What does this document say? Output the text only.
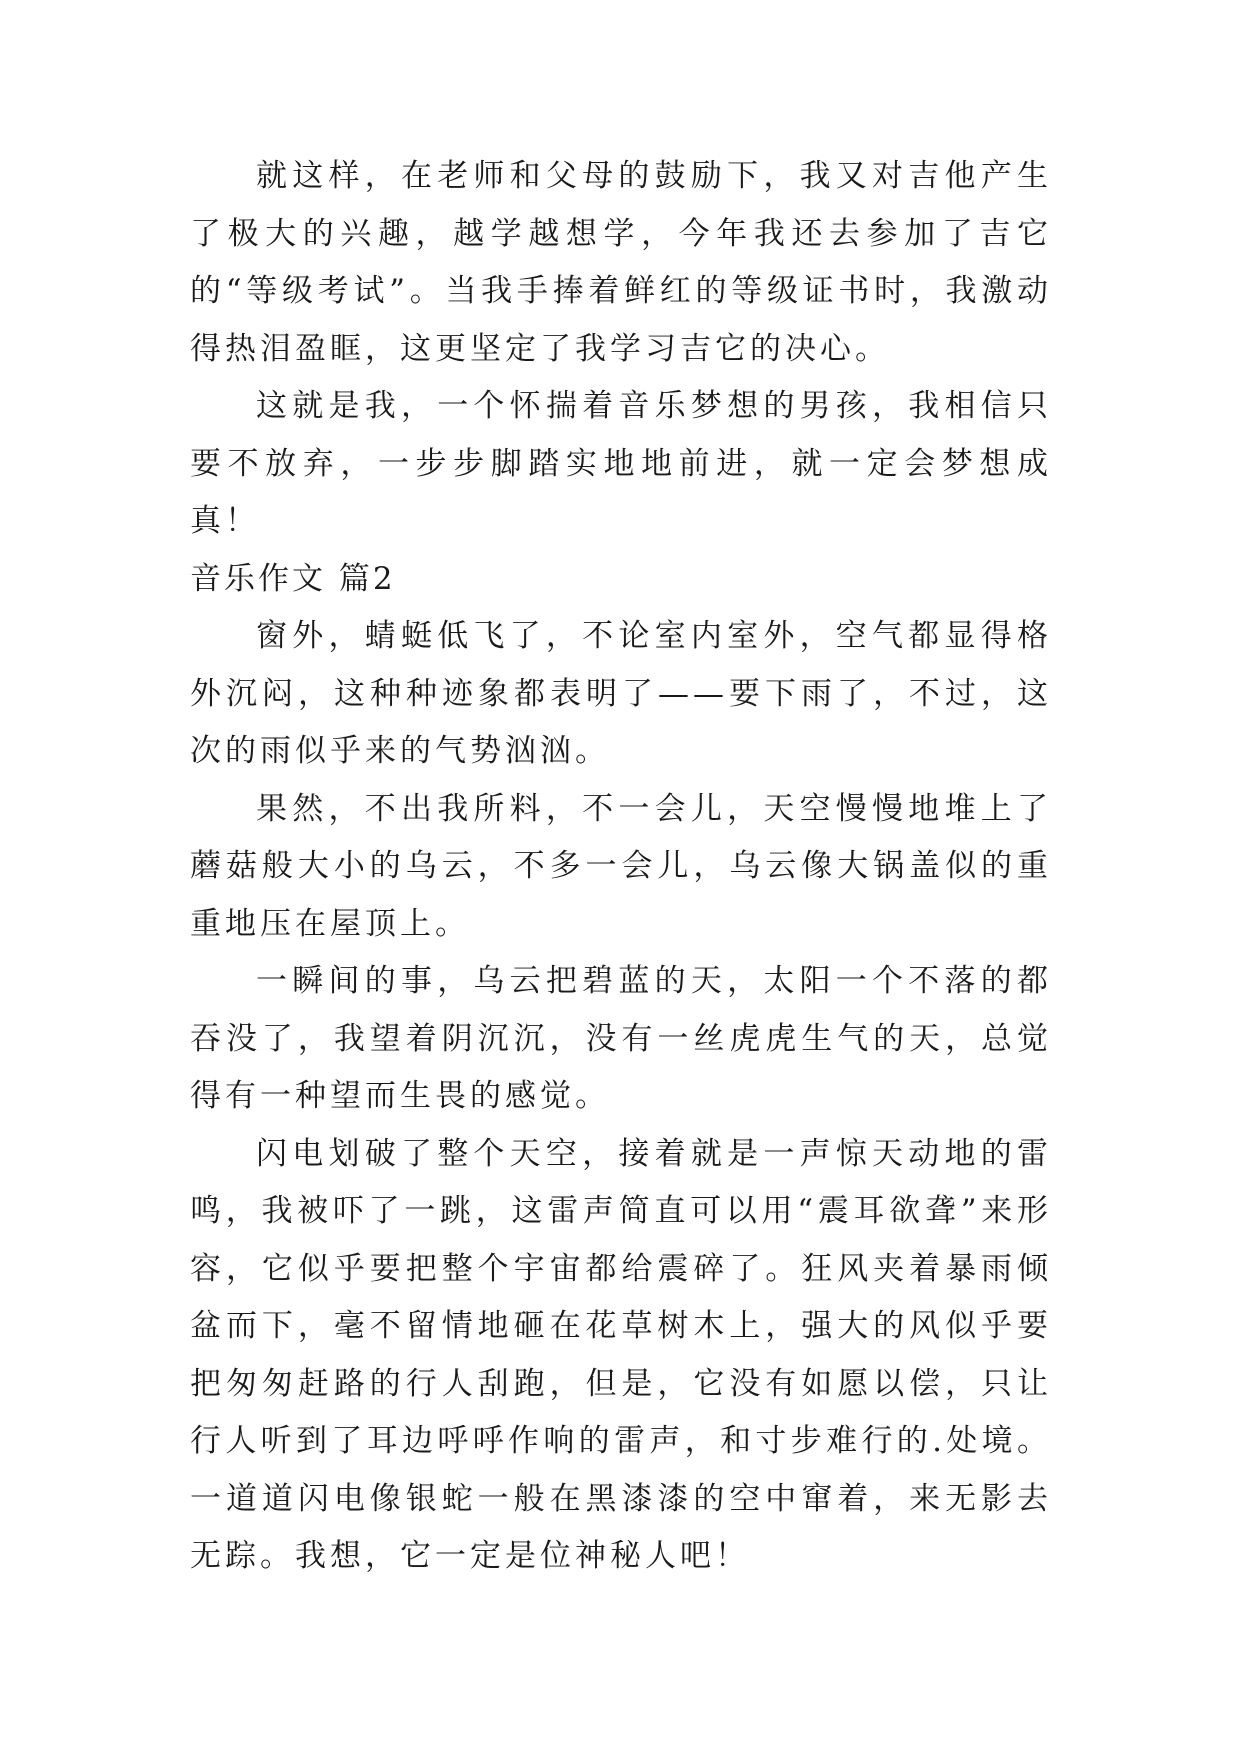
就这样，在老师和父母的鼓励下，我又对吉他产生了极大的兴趣，越学越想学，今年我还去参加了吉它的“等级考试”。当我手捧着鲜红的等级证书时，我激动得热泪盈眶，这更坚定了我学习吉它的决心。

这就是我，一个怀揣着音乐梦想的男孩，我相信只要不放弃，一步步脚踏实地地前进，就一定会梦想成真！

音乐作文 篇2

窗外，蜻蜓低飞了，不论室内室外，空气都显得格外沉闷，这种种迹象都表明了——要下雨了，不过，这次的雨似乎来的气势汹汹。

果然，不出我所料，不一会儿，天空慢慢地堆上了蘑菇般大小的乌云，不多一会儿，乌云像大锅盖似的重重地压在屋顶上。

一瞬间的事，乌云把碧蓝的天，太阳一个不落的都吞没了，我望着阴沉沉，没有一丝虎虎生气的天，总觉得有一种望而生畏的感觉。

闪电划破了整个天空，接着就是一声惊天动地的雷鸣，我被吓了一跳，这雷声简直可以用“震耳欲聋”来形容，它似乎要把整个宇宙都给震碎了。狂风夹着暴雨倾盆而下，毫不留情地砸在花草树木上，强大的风似乎要把匆匆赶路的行人刮跑，但是，它没有如愿以偿，只让行人听到了耳边呼呼作响的雷声，和寸步难行的.处境。一道道闪电像银蛇一般在黑漆漆的空中窜着，来无影去无踪。我想，它一定是位神秘人吧！
